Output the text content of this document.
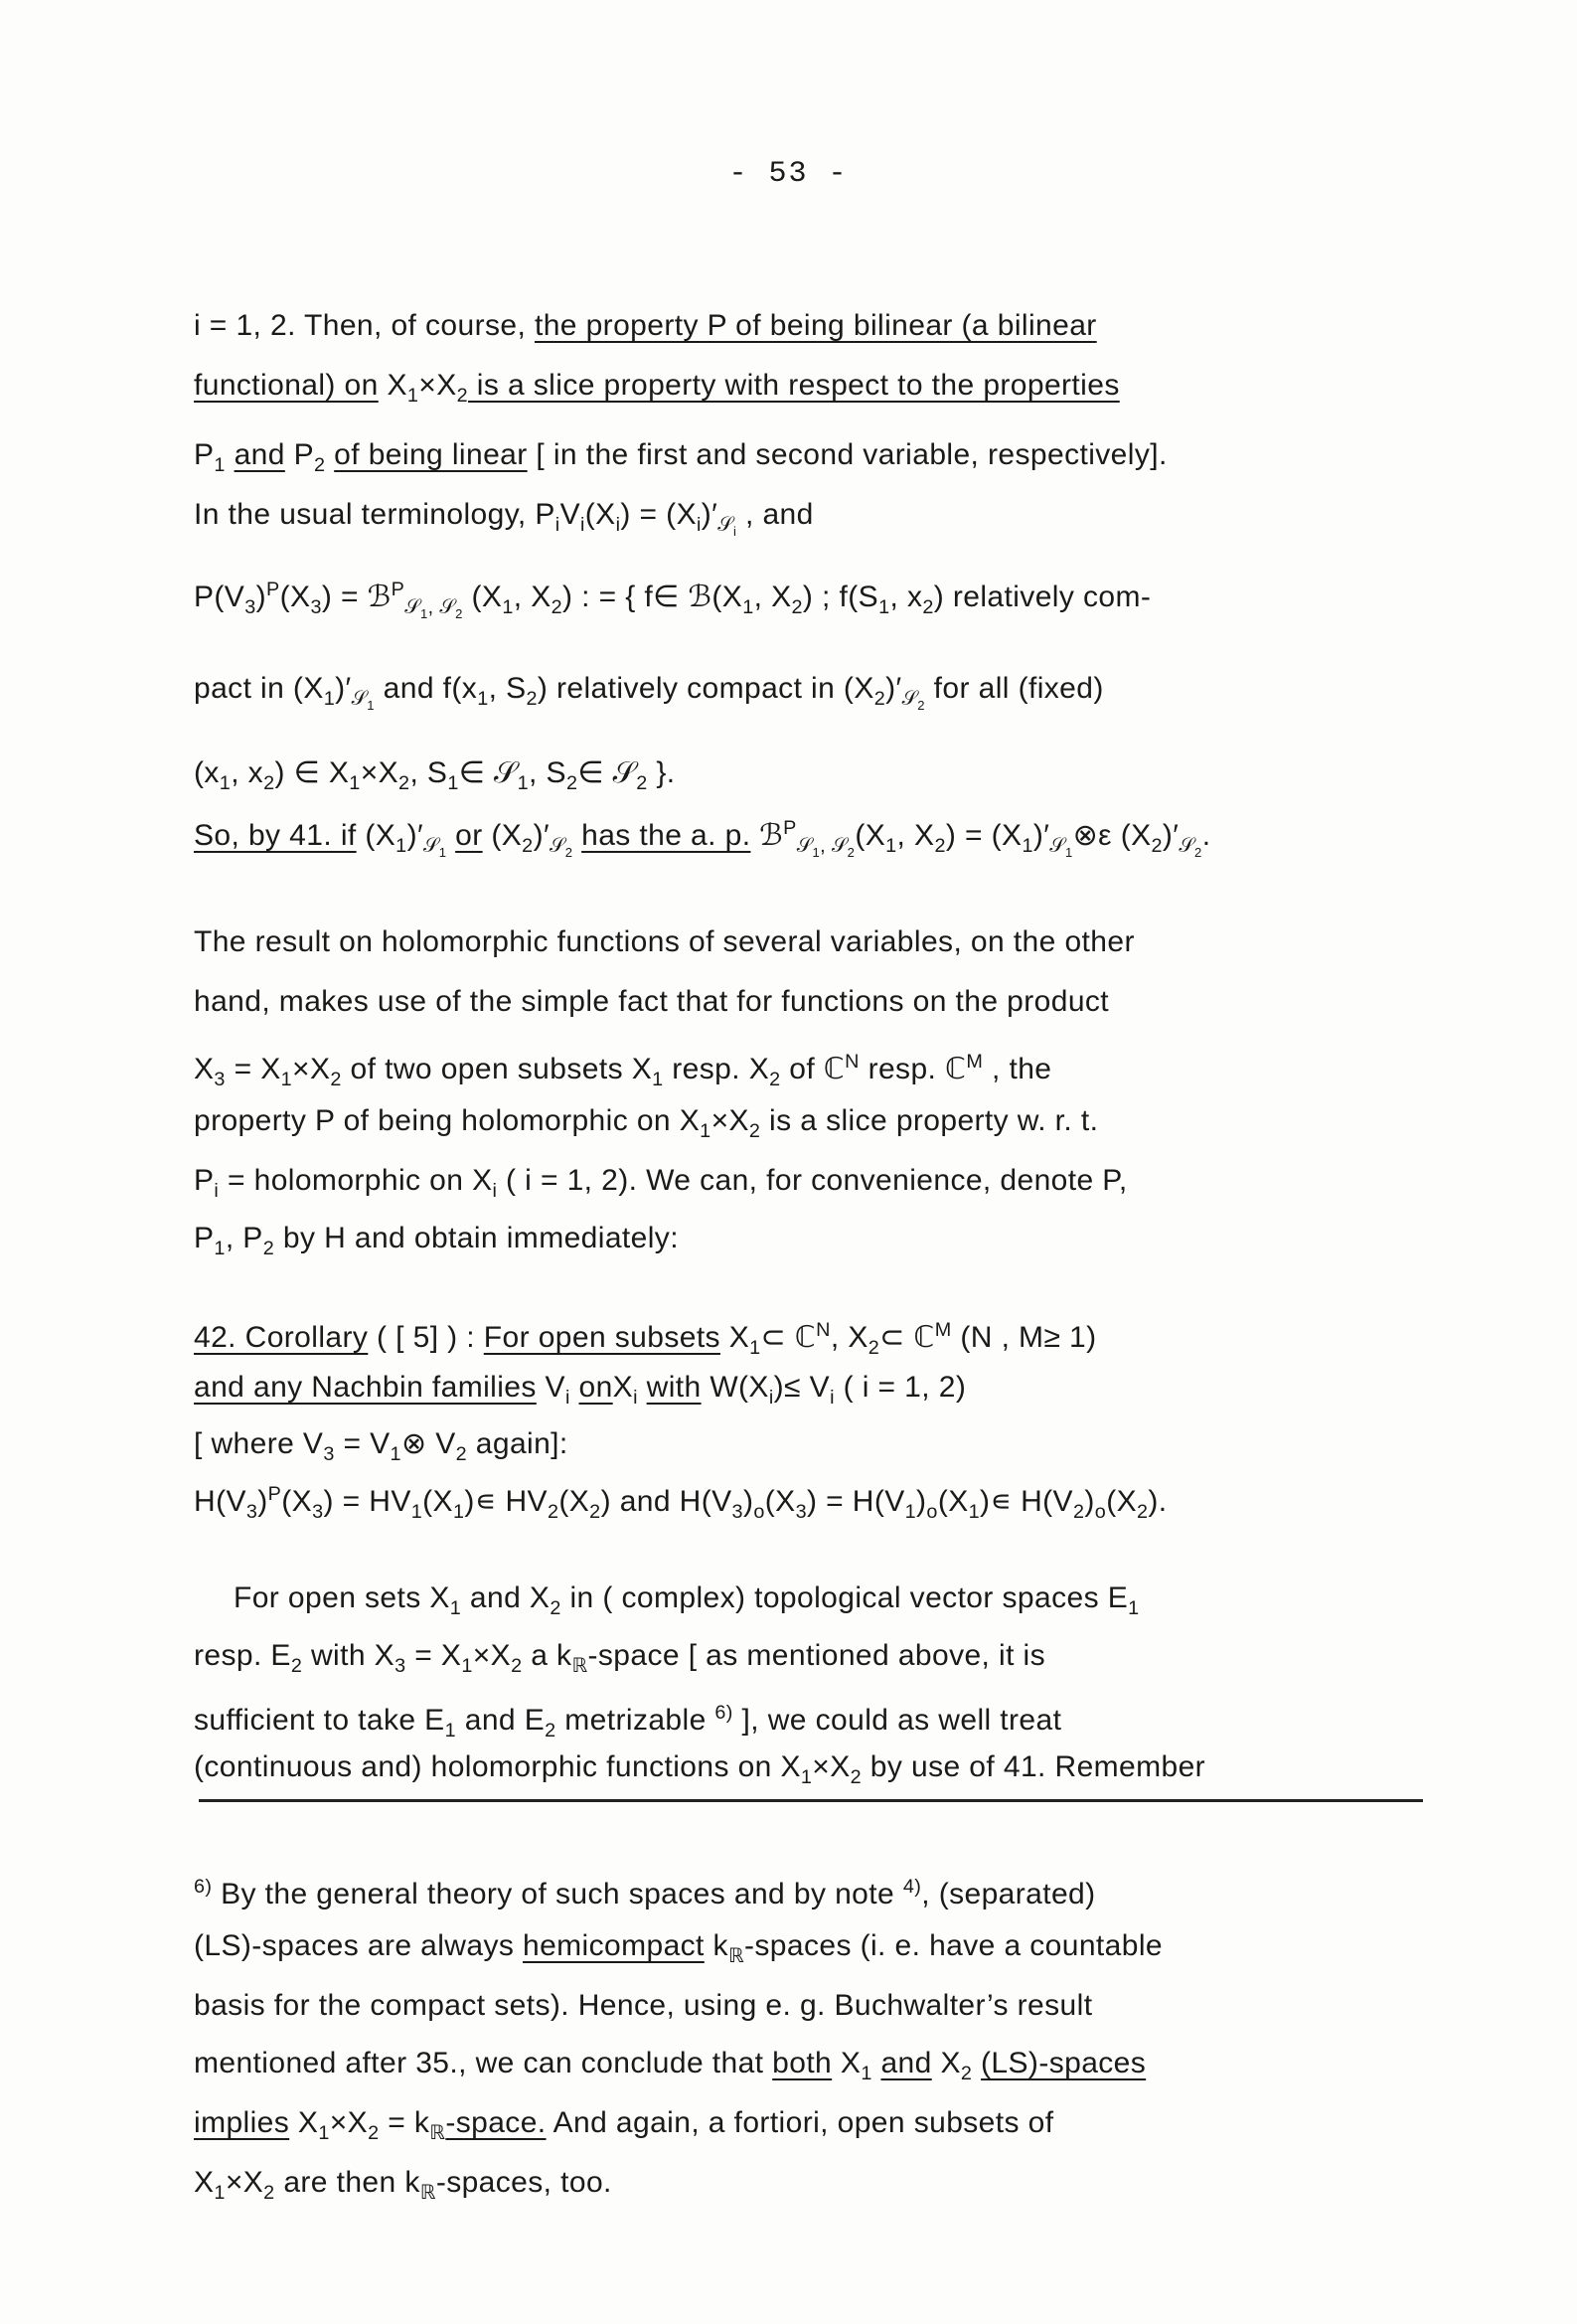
- 53 -
i = 1, 2. Then, of course, the property P of being bilinear (a bilinear
functional) on $X_1\times X_2$ is a slice property with respect to the properties
$P_1$ and $P_2$ of being linear [ in the first and second variable, respectively].
In the usual terminology, $P_iV_i(X_i) = (X_i)'_{𝒮_i}$ , and
$P(V_3)^P(X_3)$ = ℬ$^P_{𝒮_1, 𝒮_2}$ ($X_1$, $X_2$) : = { f∈ $ℬ(X_1$, $X_2$) ; $f(S_1$, $x_2$) relatively com-
pact in $(X_1)'_{𝒮_1}$ and $f(x_1$, $S_2$) relatively compact in $(X_2)'_{𝒮_2}$ for all (fixed)
($x_1$, $x_2$) ∈ $X_1\times X_2$, $S_1\in$ 𝒮$_1$, $S_2\in$ 𝒮$_2$ }.
So, by 41. if $(X_1)'_{𝒮_1}$ or $(X_2)'_{𝒮_2}$ has the a. p. $ℬ^P_{𝒮_1, 𝒮_2}(X_1$, $X_2$) = $(X_1)'_{𝒮_1}\otimes\varepsilon$ $(X_2)'_{𝒮_2}$.
The result on holomorphic functions of several variables, on the other
hand, makes use of the simple fact that for functions on the product
$X_3 = X_1\times X_2$ of two open subsets $X_1$ resp. $X_2$ of ℂ$^N$ resp. ℂ$^M$ , the
property P of being holomorphic on $X_1\times X_2$ is a slice property w. r. t.
$P_i$ = holomorphic on $X_i$ ( i = 1, 2). We can, for convenience, denote P,
$P_1$, $P_2$ by H and obtain immediately:
42. Corollary ( [ 5] ) : For open subsets $X_1\subset$ ℂ$^N$, $X_2\subset$ ℂ$^M$ (N , M≥ 1)
and any Nachbin families $V_i$ onX$_i$ with $W(X_i)\le V_i$ ( i = 1, 2)
[ where $V_3$ = $V_1\otimes$ $V_2$ again]:
$H(V_3)^P(X_3)$ = $HV_1(X_1)∊$ $HV_2(X_2)$ and $H(V_3)_o(X_3)$ = $H(V_1)_o(X_1)∊$ $H(V_2)_o(X_2)$.
For open sets $X_1$ and $X_2$ in ( complex) topological vector spaces $E_1$
resp. $E_2$ with $X_3 = X_1\times X_2$ a $k_ℝ$-space [ as mentioned above, it is
sufficient to take $E_1$ and $E_2$ metrizable $^{6)}$ ], we could as well treat
(continuous and) holomorphic functions on $X_1\times X_2$ by use of 41. Remember
$^{6)}$ By the general theory of such spaces and by note $^{4)}$, (separated)
(LS)-spaces are always hemicompact $k_ℝ$-spaces (i. e. have a countable
basis for the compact sets). Hence, using e. g. Buchwalter’s result
mentioned after 35., we can conclude that both $X_1$ and $X_2$ (LS)-spaces
implies $X_1\times X_2$ = $k_ℝ$-space. And again, a fortiori, open subsets of
$X_1\times X_2$ are then $k_ℝ$-spaces, too.
